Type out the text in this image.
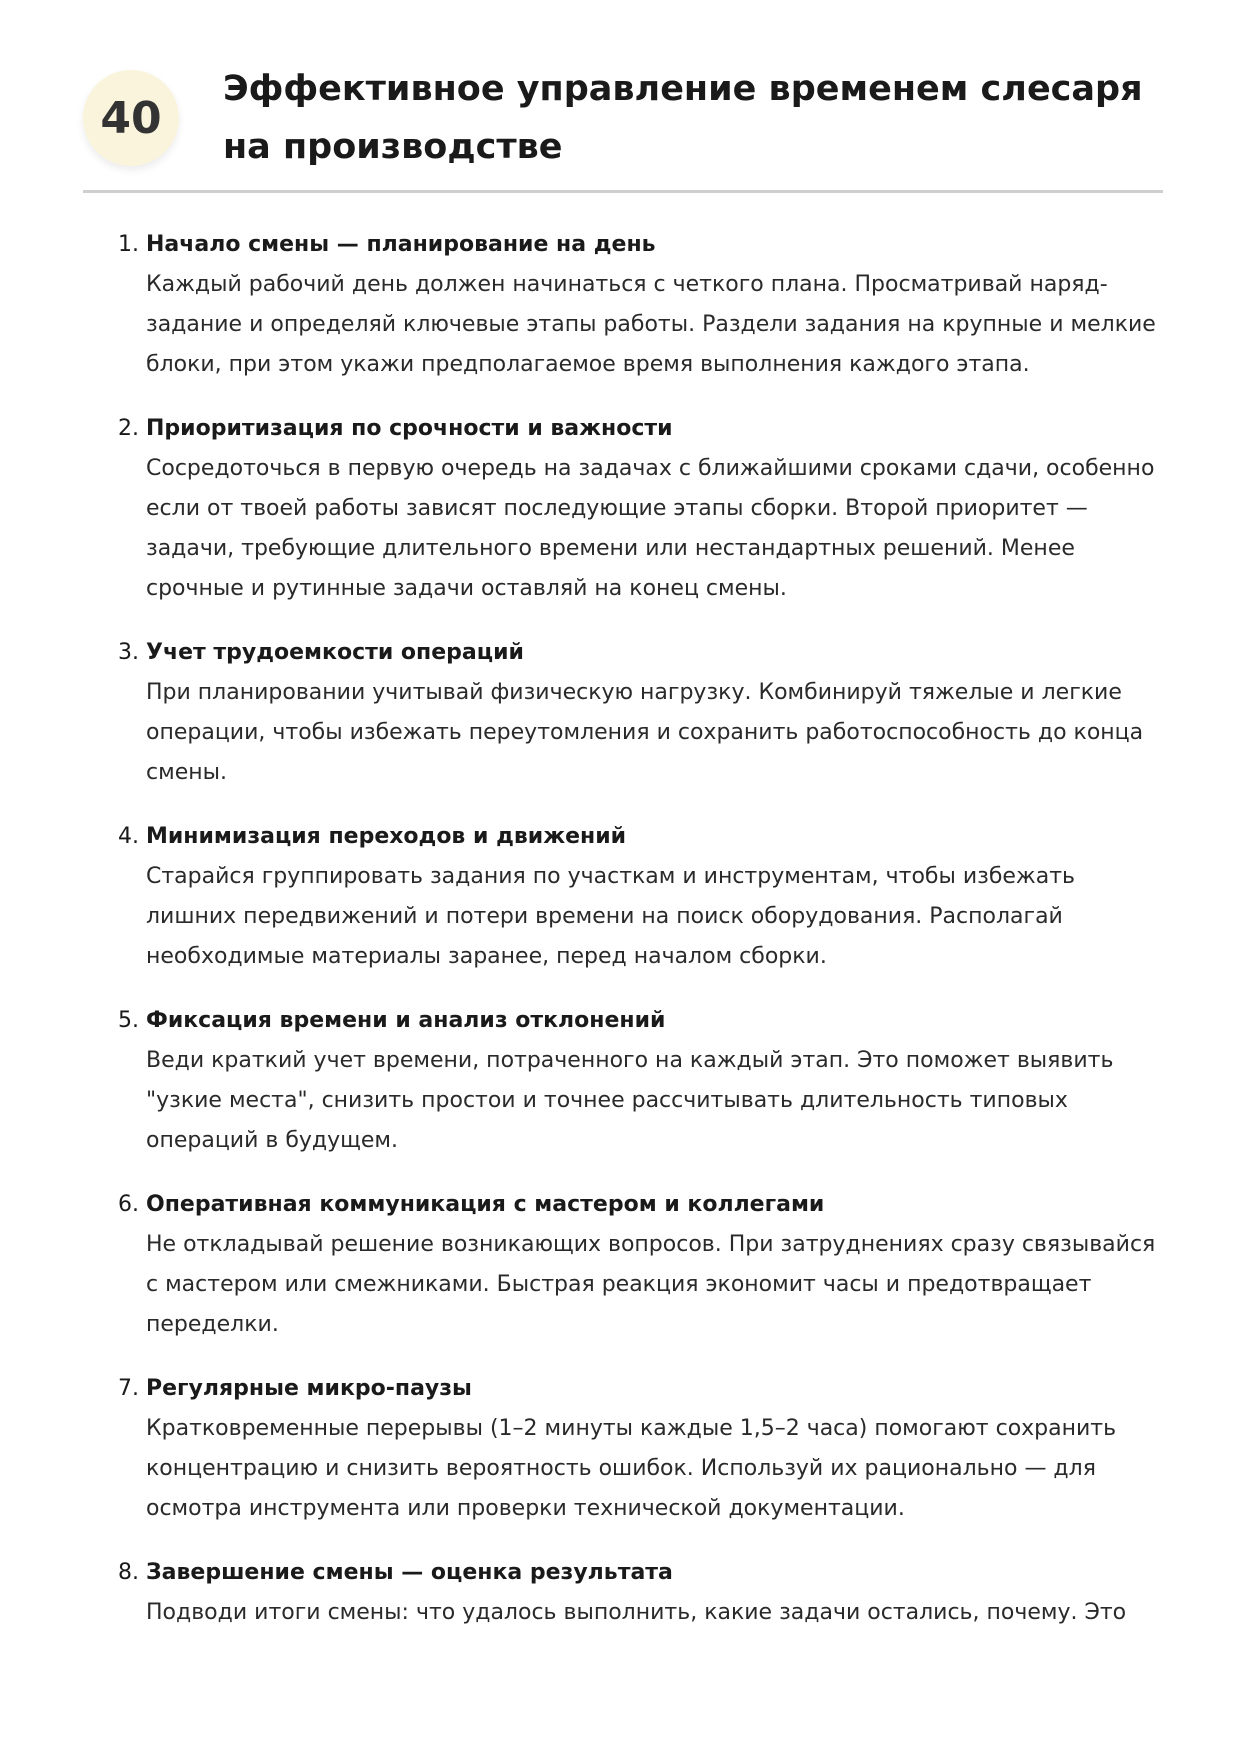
40
Эффективное управление временем слесаря на производстве
1. Начало смены — планирование на день
Каждый рабочий день должен начинаться с четкого плана. Просматривай наряд-задание и определяй ключевые этапы работы. Раздели задания на крупные и мелкие блоки, при этом укажи предполагаемое время выполнения каждого этапа.
2. Приоритизация по срочности и важности
Сосредоточься в первую очередь на задачах с ближайшими сроками сдачи, особенно если от твоей работы зависят последующие этапы сборки. Второй приоритет — задачи, требующие длительного времени или нестандартных решений. Менее срочные и рутинные задачи оставляй на конец смены.
3. Учет трудоемкости операций
При планировании учитывай физическую нагрузку. Комбинируй тяжелые и легкие операции, чтобы избежать переутомления и сохранить работоспособность до конца смены.
4. Минимизация переходов и движений
Старайся группировать задания по участкам и инструментам, чтобы избежать лишних передвижений и потери времени на поиск оборудования. Располагай необходимые материалы заранее, перед началом сборки.
5. Фиксация времени и анализ отклонений
Веди краткий учет времени, потраченного на каждый этап. Это поможет выявить "узкие места", снизить простои и точнее рассчитывать длительность типовых операций в будущем.
6. Оперативная коммуникация с мастером и коллегами
Не откладывай решение возникающих вопросов. При затруднениях сразу связывайся с мастером или смежниками. Быстрая реакция экономит часы и предотвращает переделки.
7. Регулярные микро-паузы
Кратковременные перерывы (1–2 минуты каждые 1,5–2 часа) помогают сохранить концентрацию и снизить вероятность ошибок. Используй их рационально — для осмотра инструмента или проверки технической документации.
8. Завершение смены — оценка результата
Подводи итоги смены: что удалось выполнить, какие задачи остались, почему. Это
